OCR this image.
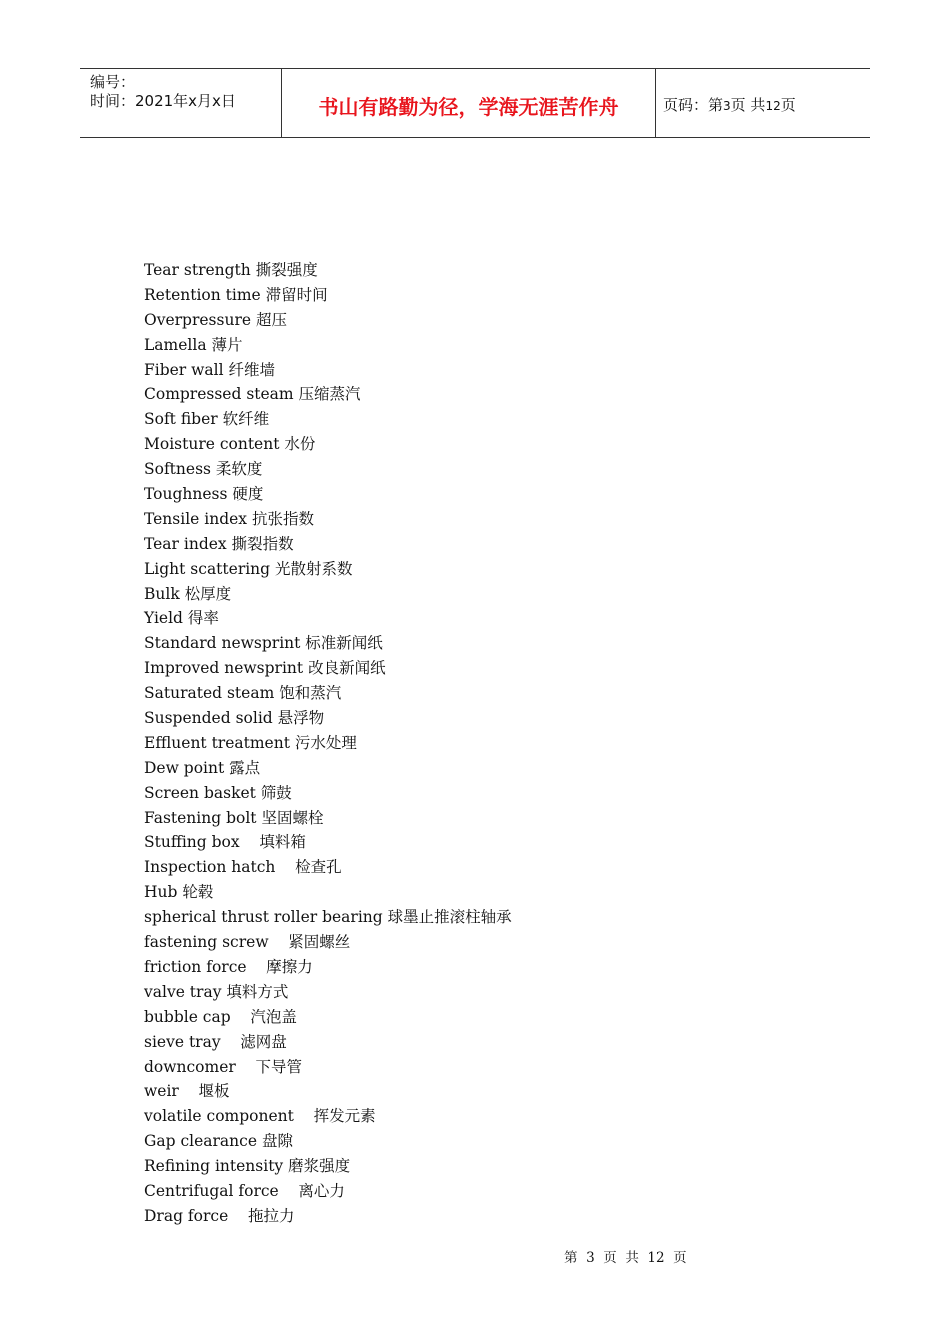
编号：
时间：2021年x月x日	书山有路勤为径，学海无涯苦作舟	页码：第3页 共12页
Tear strength 撕裂强度
Retention time 滞留时间
Overpressure 超压
Lamella 薄片
Fiber wall 纤维墙
Compressed steam 压缩蒸汽
Soft fiber 软纤维
Moisture content 水份
Softness 柔软度
Toughness 硬度
Tensile index 抗张指数
Tear index 撕裂指数
Light scattering 光散射系数
Bulk 松厚度
Yield 得率
Standard newsprint 标准新闻纸
Improved newsprint 改良新闻纸
Saturated steam 饱和蒸汽
Suspended solid 悬浮物
Effluent treatment 污水处理
Dew point 露点
Screen basket 筛鼓
Fastening bolt 坚固螺栓
Stuffing box    填料箱
Inspection hatch    检查孔
Hub 轮毂
spherical thrust roller bearing 球墨止推滚柱轴承
fastening screw    紧固螺丝
friction force    摩擦力
valve tray 填料方式
bubble cap    汽泡盖
sieve tray    滤网盘
downcomer    下导管
weir    堰板
volatile component    挥发元素
Gap clearance 盘隙
Refining intensity 磨浆强度
Centrifugal force    离心力
Drag force    拖拉力
第  3  页  共  12  页
